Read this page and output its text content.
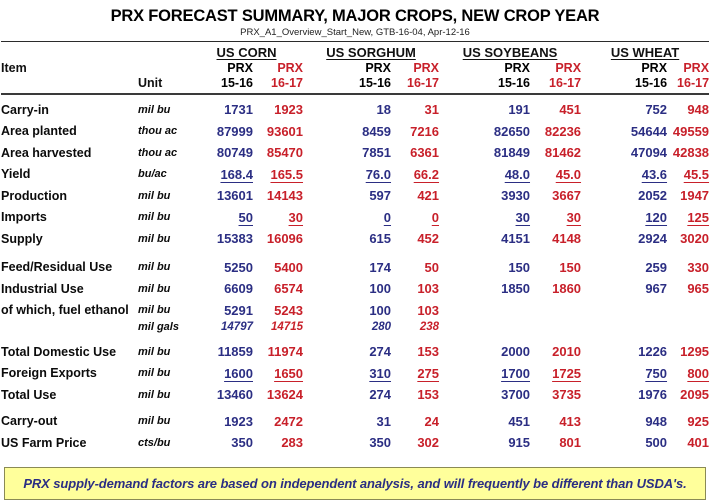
PRX FORECAST SUMMARY, MAJOR CROPS, NEW CROP YEAR
PRX_A1_Overview_Start_New, GTB-16-04, Apr-12-16
		US CORN		US SORGHUM		US SOYBEANS		US WHEAT	
Item		PRX	PRX	PRX	PRX	PRX	PRX	PRX	PRX
	Unit	15-16	16-17	15-16	16-17	15-16	16-17	15-16	16-17
Carry-in	mil bu	1731	1923	18	31	191	451	752	948
Area planted	thou ac	87999	93601	8459	7216	82650	82236	54644	49559
Area harvested	thou ac	80749	85470	7851	6361	81849	81462	47094	42838
Yield	bu/ac	168.4	165.5	76.0	66.2	48.0	45.0	43.6	45.5
Production	mil bu	13601	14143	597	421	3930	3667	2052	1947
Imports	mil bu	50	30	0	0	30	30	120	125
Supply	mil bu	15383	16096	615	452	4151	4148	2924	3020
Feed/Residual Use	mil bu	5250	5400	174	50	150	150	259	330
Industrial Use	mil bu	6609	6574	100	103	1850	1860	967	965
of which, fuel ethanol	mil bu	5291	5243	100	103				
	mil gals	14797	14715	280	238				
Total Domestic Use	mil bu	11859	11974	274	153	2000	2010	1226	1295
Foreign Exports	mil bu	1600	1650	310	275	1700	1725	750	800
Total Use	mil bu	13460	13624	274	153	3700	3735	1976	2095
Carry-out	mil bu	1923	2472	31	24	451	413	948	925
US Farm Price	cts/bu	350	283	350	302	915	801	500	401
PRX supply-demand factors are based on independent analysis, and will frequently be different than USDA's.
